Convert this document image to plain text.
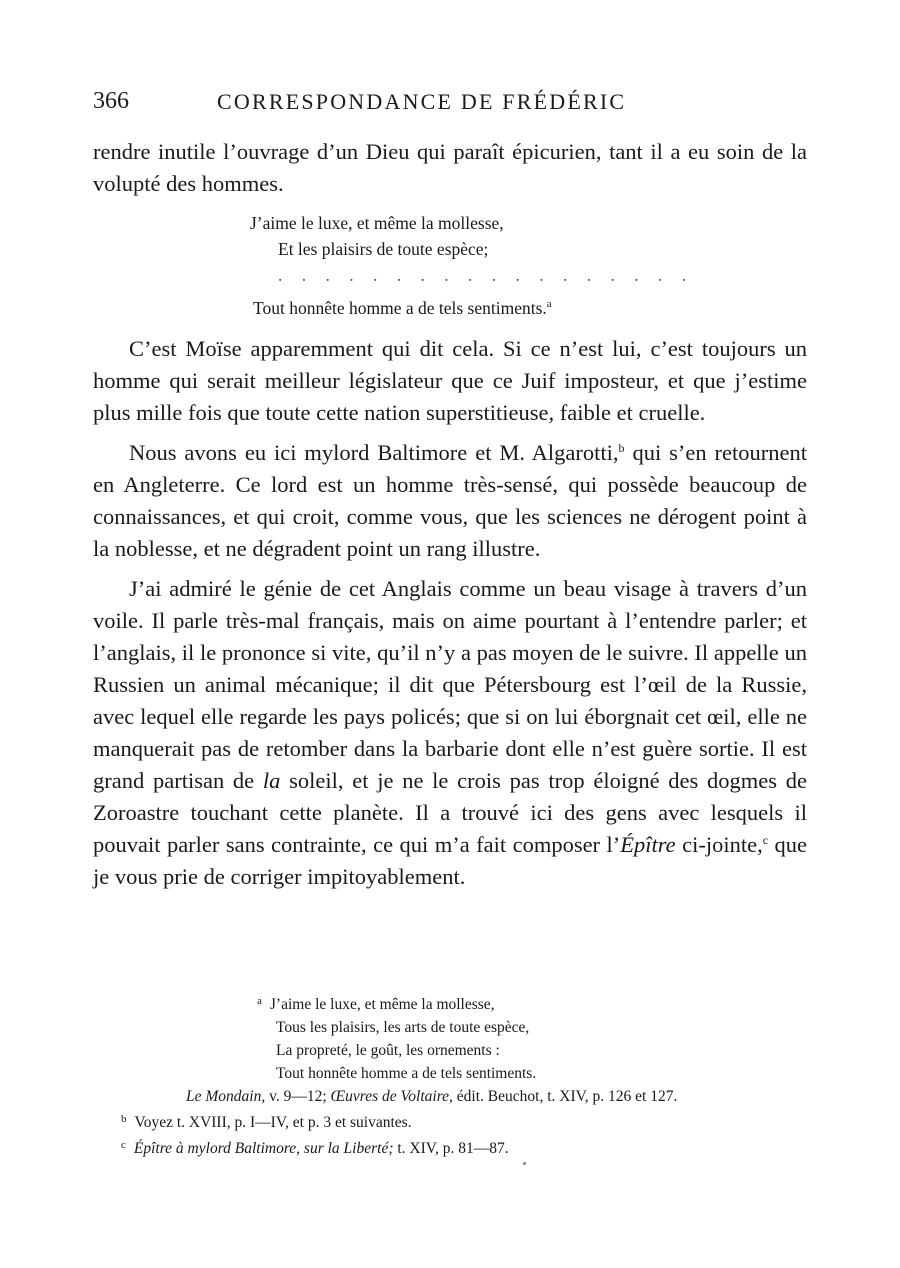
366	CORRESPONDANCE DE FRÉDÉRIC

rendre inutile l’ouvrage d’un Dieu qui paraît épicurien, tant il a eu soin de la volupté des hommes.

J’aime le luxe, et même la mollesse,
Et les plaisirs de toute espèce;
. . . . . . . . . . . . . . . . . .
Tout honnête homme a de tels sentiments.$^a$

C’est Moïse apparemment qui dit cela. Si ce n’est lui, c’est toujours un homme qui serait meilleur législateur que ce Juif imposteur, et que j’estime plus mille fois que toute cette nation superstitieuse, faible et cruelle.

Nous avons eu ici mylord Baltimore et M. Algarotti,$^b$ qui s’en retournent en Angleterre. Ce lord est un homme très-sensé, qui possède beaucoup de connaissances, et qui croit, comme vous, que les sciences ne dérogent point à la noblesse, et ne dégradent point un rang illustre.

J’ai admiré le génie de cet Anglais comme un beau visage à travers d’un voile. Il parle très-mal français, mais on aime pourtant à l’entendre parler; et l’anglais, il le prononce si vite, qu’il n’y a pas moyen de le suivre. Il appelle un Russien un animal mécanique; il dit que Pétersbourg est l’œil de la Russie, avec lequel elle regarde les pays policés; que si on lui éborgnait cet œil, elle ne manquerait pas de retomber dans la barbarie dont elle n’est guère sortie. Il est grand partisan de la soleil, et je ne le crois pas trop éloigné des dogmes de Zoroastre touchant cette planète. Il a trouvé ici des gens avec lesquels il pouvait parler sans contrainte, ce qui m’a fait composer l’Épître ci-jointe,$^c$ que je vous prie de corriger impitoyablement.

$^a$ J’aime le luxe, et même la mollesse,
Tous les plaisirs, les arts de toute espèce,
La propreté, le goût, les ornements :
Tout honnête homme a de tels sentiments.
Le Mondain, v. 9—12; Œuvres de Voltaire, édit. Beuchot, t. XIV, p. 126 et 127.
$^b$ Voyez t. XVIII, p. I—IV, et p. 3 et suivantes.
$^c$ Épître à mylord Baltimore, sur la Liberté; t. XIV, p. 81—87.
